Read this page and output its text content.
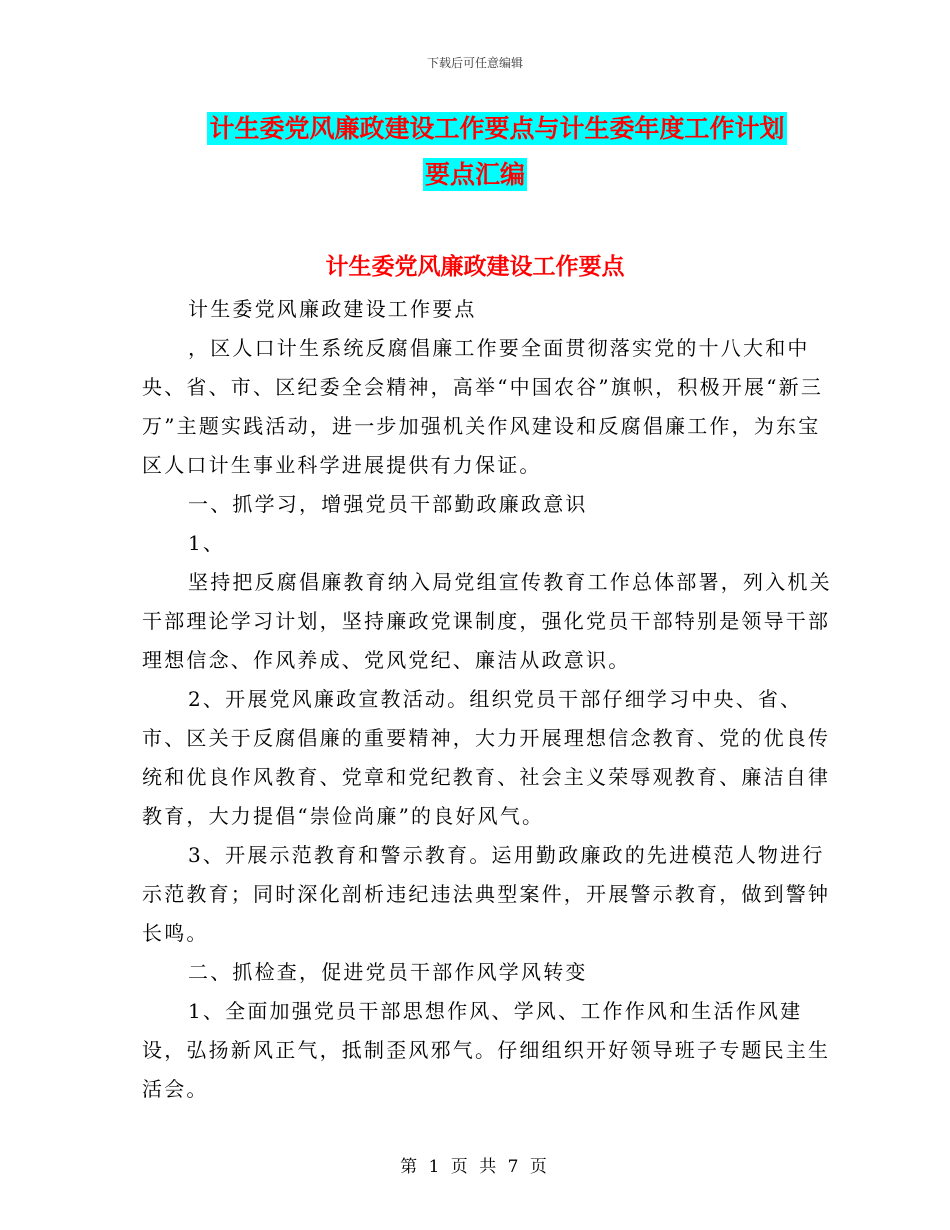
下载后可任意编辑
计生委党风廉政建设工作要点与计生委年度工作计划
要点汇编
计生委党风廉政建设工作要点

计生委党风廉政建设工作要点

，区人口计生系统反腐倡廉工作要全面贯彻落实党的十八大和中央、省、市、区纪委全会精神，高举“中国农谷”旗帜，积极开展“新三万”主题实践活动，进一步加强机关作风建设和反腐倡廉工作，为东宝区人口计生事业科学进展提供有力保证。

一、抓学习，增强党员干部勤政廉政意识

1、

坚持把反腐倡廉教育纳入局党组宣传教育工作总体部署，列入机关干部理论学习计划，坚持廉政党课制度，强化党员干部特别是领导干部理想信念、作风养成、党风党纪、廉洁从政意识。

2、开展党风廉政宣教活动。组织党员干部仔细学习中央、省、市、区关于反腐倡廉的重要精神，大力开展理想信念教育、党的优良传统和优良作风教育、党章和党纪教育、社会主义荣辱观教育、廉洁自律教育，大力提倡“崇俭尚廉”的良好风气。

3、开展示范教育和警示教育。运用勤政廉政的先进模范人物进行示范教育；同时深化剖析违纪违法典型案件，开展警示教育，做到警钟长鸣。

二、抓检查，促进党员干部作风学风转变

1、全面加强党员干部思想作风、学风、工作作风和生活作风建设，弘扬新风正气，抵制歪风邪气。仔细组织开好领导班子专题民主生活会。

第 1 页 共 7 页
